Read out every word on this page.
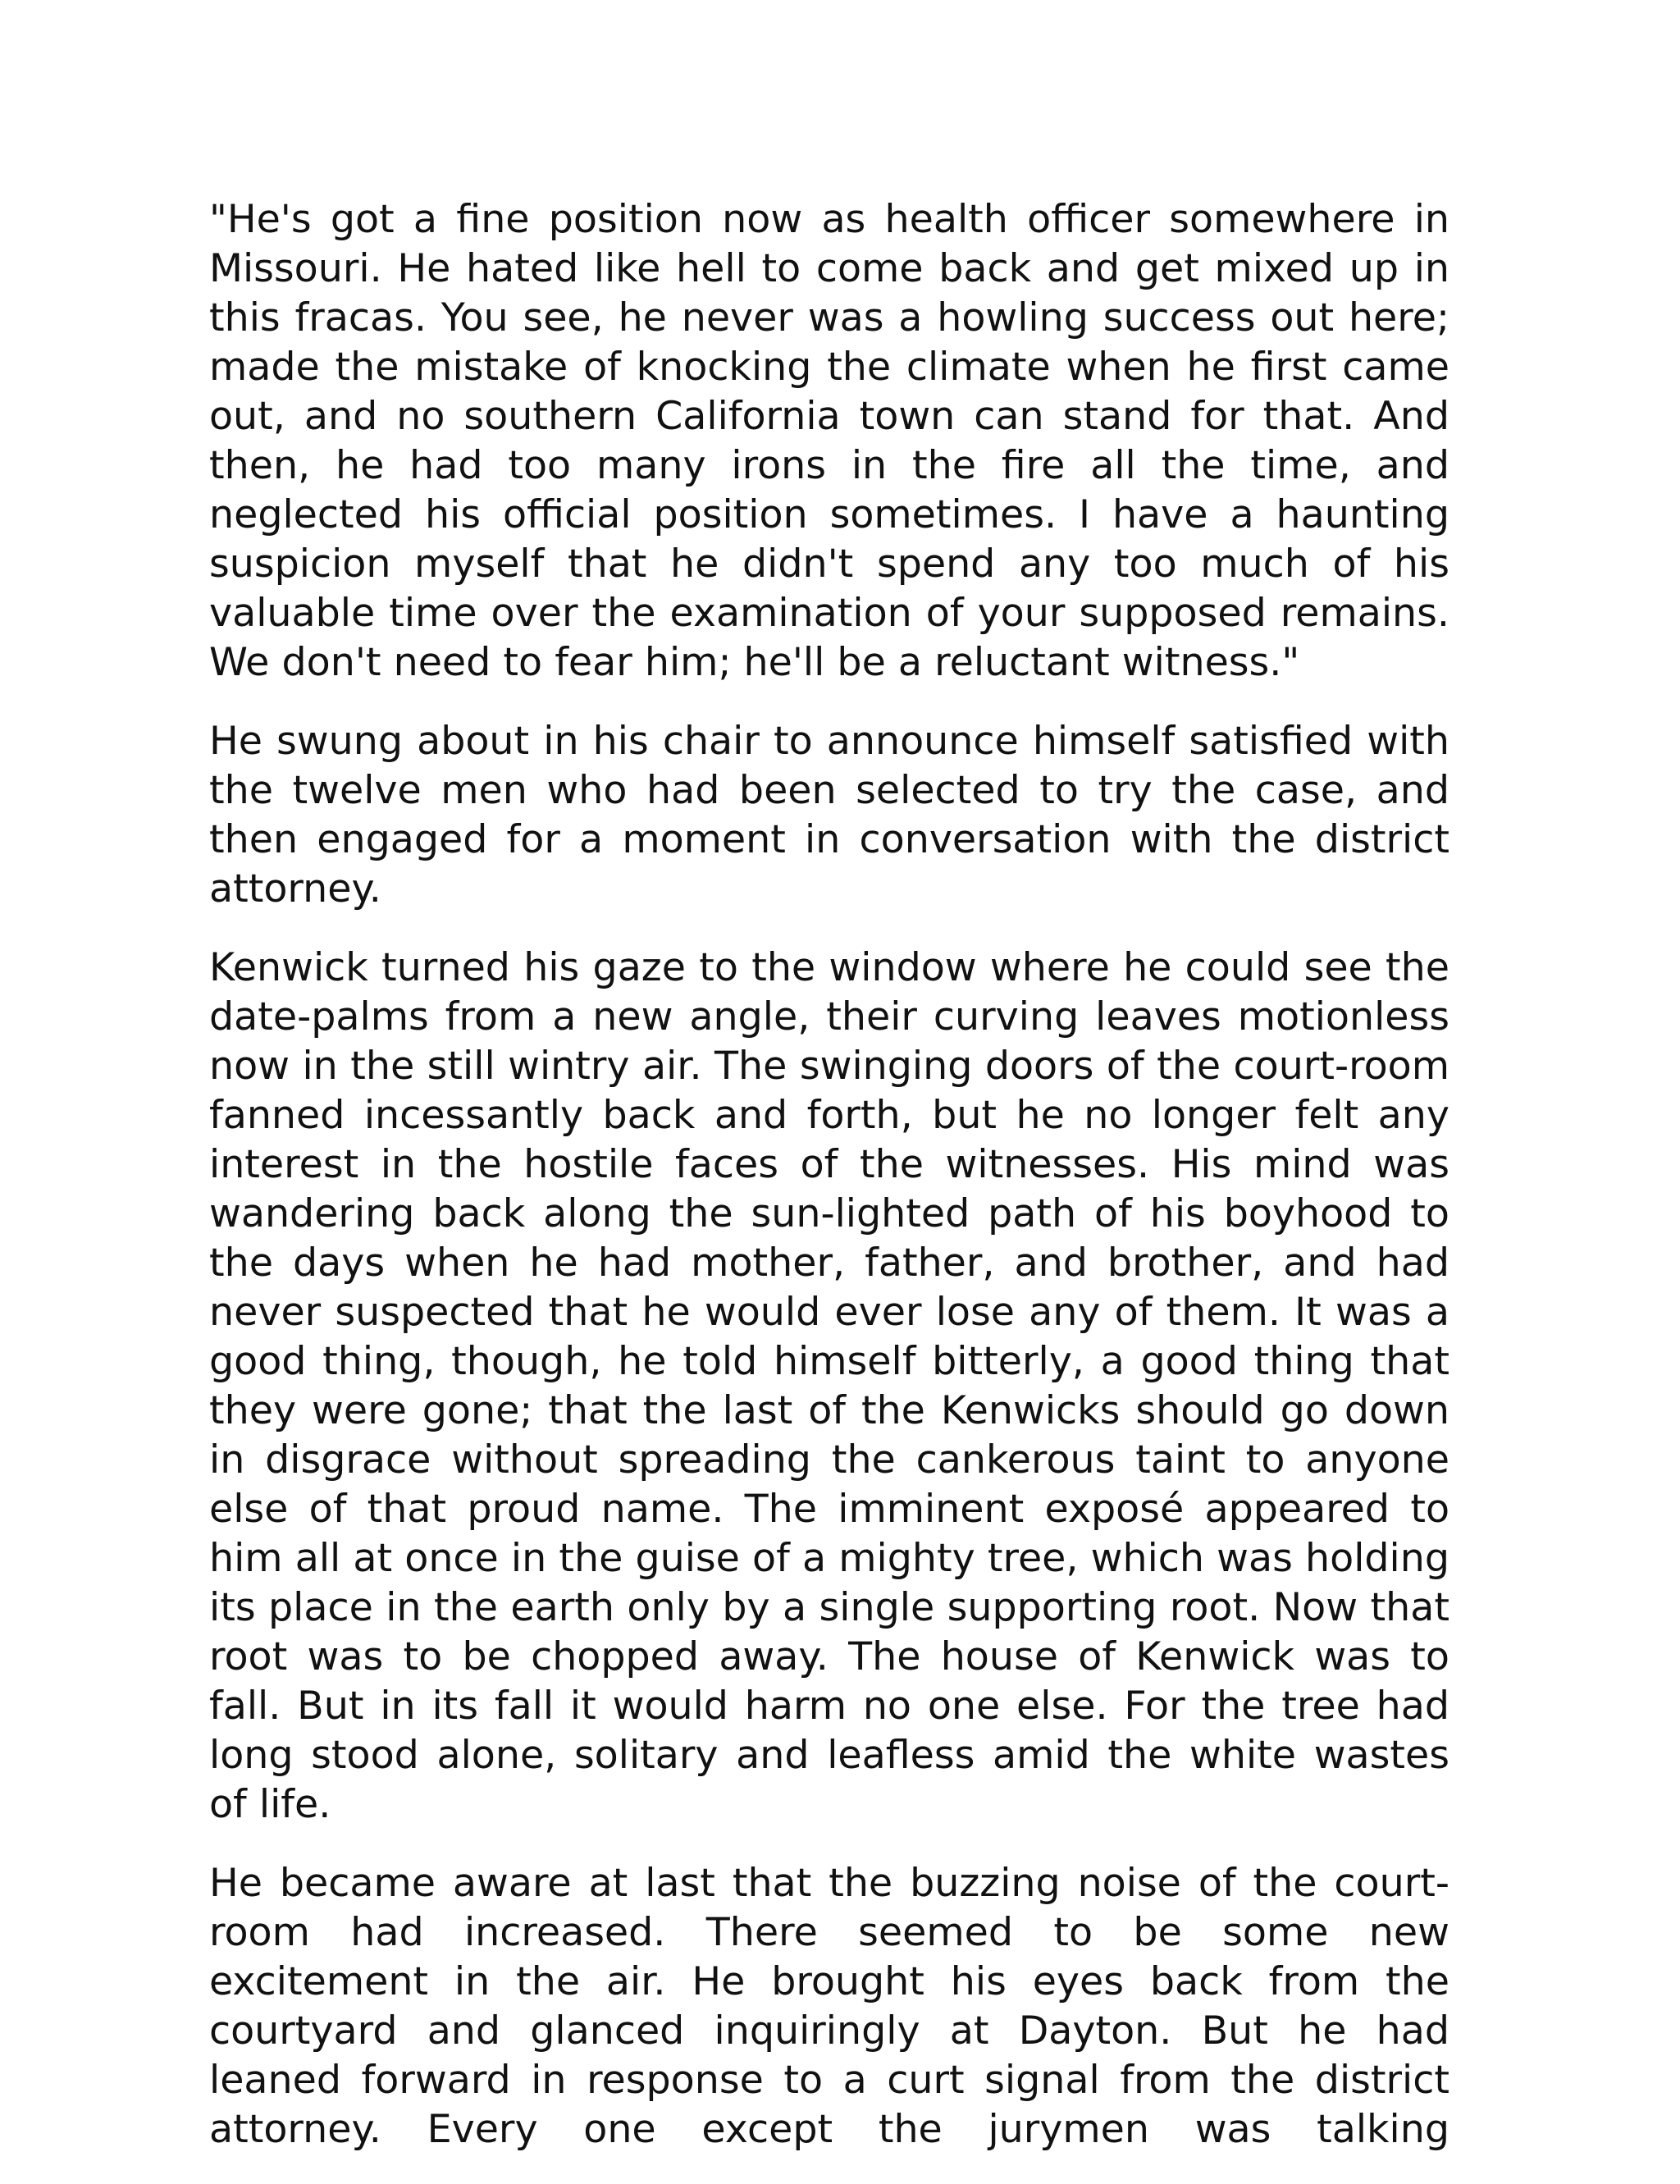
"He's got a fine position now as health officer somewhere in Missouri. He hated like hell to come back and get mixed up in this fracas. You see, he never was a howling success out here; made the mistake of knocking the climate when he first came out, and no southern California town can stand for that. And then, he had too many irons in the fire all the time, and neglected his official position sometimes. I have a haunting suspicion myself that he didn't spend any too much of his valuable time over the examination of your supposed remains. We don't need to fear him; he'll be a reluctant witness."

He swung about in his chair to announce himself satisfied with the twelve men who had been selected to try the case, and then engaged for a moment in conversation with the district attorney.

Kenwick turned his gaze to the window where he could see the date-palms from a new angle, their curving leaves motionless now in the still wintry air. The swinging doors of the court-room fanned incessantly back and forth, but he no longer felt any interest in the hostile faces of the witnesses. His mind was wandering back along the sun-lighted path of his boyhood to the days when he had mother, father, and brother, and had never suspected that he would ever lose any of them. It was a good thing, though, he told himself bitterly, a good thing that they were gone; that the last of the Kenwicks should go down in disgrace without spreading the cankerous taint to anyone else of that proud name. The imminent exposé appeared to him all at once in the guise of a mighty tree, which was holding its place in the earth only by a single supporting root. Now that root was to be chopped away. The house of Kenwick was to fall. But in its fall it would harm no one else. For the tree had long stood alone, solitary and leafless amid the white wastes of life.

He became aware at last that the buzzing noise of the court-room had increased. There seemed to be some new excitement in the air. He brought his eyes back from the courtyard and glanced inquiringly at Dayton. But he had leaned forward in response to a curt signal from the district attorney. Every one except the jurymen was talking
